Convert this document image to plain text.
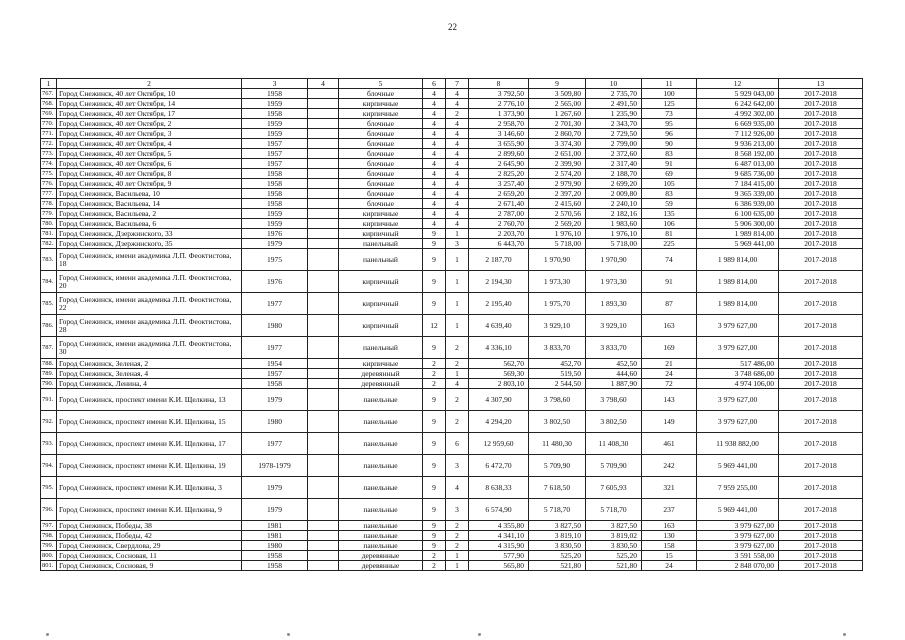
22
1	2	3	4	5	6	7	8	9	10	11	12	13
767.	Город Снежинск, 40 лет Октября, 10	1958		блочные	4	4	3 792,50	3 509,80	2 735,70	100	5 929 043,00	2017-2018
768.	Город Снежинск, 40 лет Октября, 14	1959		кирпичные	4	4	2 776,10	2 565,00	2 491,50	125	6 242 642,00	2017-2018
769.	Город Снежинск, 40 лет Октября, 17	1958		кирпичные	4	2	1 373,90	1 267,60	1 235,90	73	4 992 302,00	2017-2018
770.	Город Снежинск, 40 лет Октября, 2	1959		блочные	4	4	2 958,70	2 701,30	2 343,70	95	6 669 935,00	2017-2018
771.	Город Снежинск, 40 лет Октября, 3	1959		блочные	4	4	3 146,60	2 860,70	2 729,50	96	7 112 926,00	2017-2018
772.	Город Снежинск, 40 лет Октября, 4	1957		блочные	4	4	3 655,90	3 374,30	2 799,00	90	9 936 213,00	2017-2018
773.	Город Снежинск, 40 лет Октября, 5	1957		блочные	4	4	2 899,60	2 651,00	2 372,60	83	8 568 192,00	2017-2018
774.	Город Снежинск, 40 лет Октября, 6	1957		блочные	4	4	2 645,90	2 399,90	2 317,40	91	6 487 013,00	2017-2018
775.	Город Снежинск, 40 лет Октября, 8	1958		блочные	4	4	2 825,20	2 574,20	2 188,70	69	9 685 736,00	2017-2018
776.	Город Снежинск, 40 лет Октября, 9	1958		блочные	4	4	3 257,40	2 979,90	2 699,20	105	7 184 415,00	2017-2018
777.	Город Снежинск, Васильева, 10	1958		блочные	4	4	2 659,20	2 397,20	2 009,80	83	9 365 339,00	2017-2018
778.	Город Снежинск, Васильева, 14	1958		блочные	4	4	2 671,40	2 415,60	2 240,10	59	6 386 939,00	2017-2018
779.	Город Снежинск, Васильева, 2	1959		кирпичные	4	4	2 787,00	2 570,56	2 182,16	135	6 100 635,00	2017-2018
780.	Город Снежинск, Васильева, 6	1959		кирпичные	4	4	2 760,70	2 569,20	1 983,60	106	5 906 300,00	2017-2018
781.	Город Снежинск, Дзержинского, 33	1976		кирпичный	9	1	2 203,70	1 976,10	1 976,10	81	1 989 814,00	2017-2018
782.	Город Снежинск, Дзержинского, 35	1979		панельный	9	3	6 443,70	5 718,00	5 718,00	225	5 969 441,00	2017-2018
783.	Город Снежинск, имени академика Л.П. Феоктистова, 18	1975		панельный	9	1	2 187,70	1 970,90	1 970,90	74	1 989 814,00	2017-2018
784.	Город Снежинск, имени академика Л.П. Феоктистова, 20	1976		кирпичный	9	1	2 194,30	1 973,30	1 973,30	91	1 989 814,00	2017-2018
785.	Город Снежинск, имени академика Л.П. Феоктистова, 22	1977		кирпичный	9	1	2 195,40	1 975,70	1 893,30	87	1 989 814,00	2017-2018
786.	Город Снежинск, имени академика Л.П. Феоктистова, 28	1980		кирпичный	12	1	4 639,40	3 929,10	3 929,10	163	3 979 627,00	2017-2018
787.	Город Снежинск, имени академика Л.П. Феоктистова, 30	1977		панельный	9	2	4 336,10	3 833,70	3 833,70	169	3 979 627,00	2017-2018
788.	Город Снежинск, Зеленая, 2	1954		кирпичные	2	2	562,70	452,70	452,50	21	517 486,00	2017-2018
789.	Город Снежинск, Зеленая, 4	1957		деревянный	2	1	569,30	519,50	444,60	24	3 748 686,00	2017-2018
790.	Город Снежинск, Ленина, 4	1958		деревянный	2	4	2 803,10	2 544,50	1 887,90	72	4 974 106,00	2017-2018
791.	Город Снежинск, проспект имени К.И. Щелкина, 13	1979		панельные	9	2	4 307,90	3 798,60	3 798,60	143	3 979 627,00	2017-2018
792.	Город Снежинск, проспект имени К.И. Щелкина, 15	1980		панельные	9	2	4 294,20	3 802,50	3 802,50	149	3 979 627,00	2017-2018
793.	Город Снежинск, проспект имени К.И. Щелкина, 17	1977		панельные	9	6	12 959,60	11 480,30	11 408,30	461	11 938 882,00	2017-2018
794.	Город Снежинск, проспект имени К.И. Щелкина, 19	1978-1979		панельные	9	3	6 472,70	5 709,90	5 709,90	242	5 969 441,00	2017-2018
795.	Город Снежинск, проспект имени К.И. Щелкина, 3	1979		панельные	9	4	8 638,33	7 618,50	7 605,93	321	7 959 255,00	2017-2018
796.	Город Снежинск, проспект имени К.И. Щелкина, 9	1979		панельные	9	3	6 574,90	5 718,70	5 718,70	237	5 969 441,00	2017-2018
797.	Город Снежинск, Победы, 38	1981		панельные	9	2	4 355,80	3 827,50	3 827,50	163	3 979 627,00	2017-2018
798.	Город Снежинск, Победы, 42	1981		панельные	9	2	4 341,10	3 819,10	3 819,02	130	3 979 627,00	2017-2018
799.	Город Снежинск, Свердлова, 29	1980		панельные	9	2	4 315,90	3 830,50	3 830,50	158	3 979 627,00	2017-2018
800.	Город Снежинск, Сосновая, 11	1958		деревянные	2	1	577,90	525,20	525,20	15	3 591 558,00	2017-2018
801.	Город Снежинск, Сосновая, 9	1958		деревянные	2	1	565,80	521,80	521,80	24	2 848 070,00	2017-2018
